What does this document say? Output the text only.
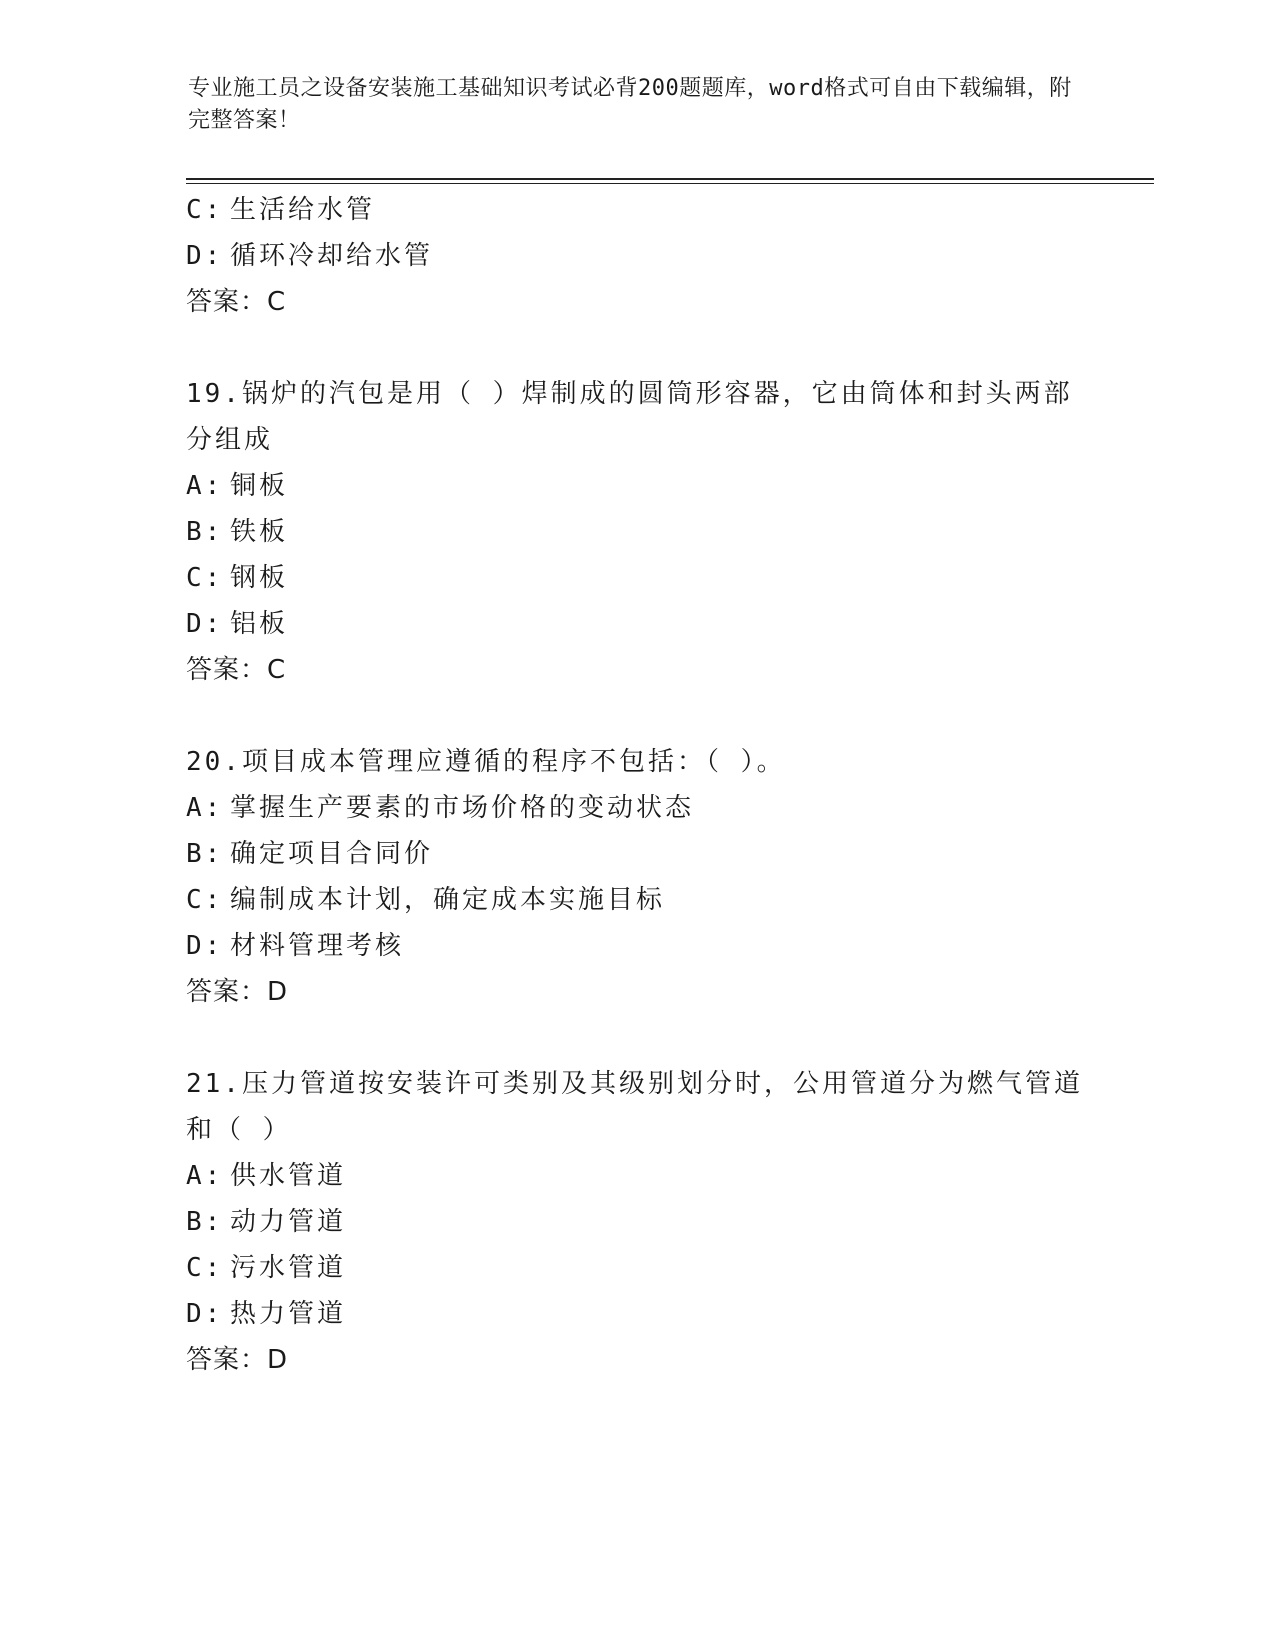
专业施工员之设备安装施工基础知识考试必背200题题库，word格式可自由下载编辑，附完整答案！
C: 生活给水管
D: 循环冷却给水管
答案：C
19.锅炉的汽包是用（ ）焊制成的圆筒形容器，它由筒体和封头两部分组成
A: 铜板
B: 铁板
C: 钢板
D: 铝板
答案：C
20.项目成本管理应遵循的程序不包括：（ ）。
A: 掌握生产要素的市场价格的变动状态
B: 确定项目合同价
C: 编制成本计划，确定成本实施目标
D: 材料管理考核
答案：D
21.压力管道按安装许可类别及其级别划分时，公用管道分为燃气管道和（ ）
A: 供水管道
B: 动力管道
C: 污水管道
D: 热力管道
答案：D
